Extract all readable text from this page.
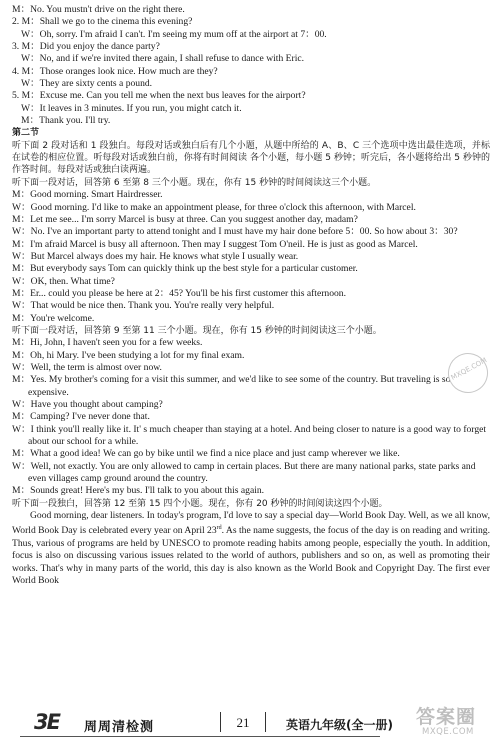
M：No. You mustn't drive on the right there.
2. M：Shall we go to the cinema this evening?
W：Oh, sorry. I'm afraid I can't. I'm seeing my mum off at the airport at 7：00.
3. M：Did you enjoy the dance party?
W：No, and if we're invited there again, I shall refuse to dance with Eric.
4. M：Those oranges look nice. How much are they?
W：They are sixty cents a pound.
5. M：Excuse me. Can you tell me when the next bus leaves for the airport?
W：It leaves in 3 minutes. If you run, you might catch it.
M：Thank you. I'll try.
第二节
听下面 2 段对话和 1 段独白。每段对话或独白后有几个小题，从题中所给的 A、B、C 三个选项中选出最佳选项，并标在试卷的相应位置。听每段对话或独白前，你将有时间阅读 各个小题，每小题 5 秒钟；听完后，各小题将给出 5 秒钟的作答时间。每段对话或独白读两遍。
听下面一段对话，回答第 6 至第 8 三个小题。现在，你有 15 秒钟的时间阅读这三个小题。
M：Good morning. Smart Hairdresser.
W：Good morning. I'd like to make an appointment please, for three o'clock this afternoon, with Marcel.
M：Let me see... I'm sorry Marcel is busy at three. Can you suggest another day, madam?
W：No. I've an important party to attend tonight and I must have my hair done before 5：00. So how about 3：30?
M：I'm afraid Marcel is busy all afternoon. Then may I suggest Tom O'neil. He is just as good as Marcel.
W：But Marcel always does my hair. He knows what style I usually wear.
M：But everybody says Tom can quickly think up the best style for a particular customer.
W：OK, then. What time?
M：Er... could you please be here at 2：45? You'll be his first customer this afternoon.
W：That would be nice then. Thank you. You're really very helpful.
M：You're welcome.
听下面一段对话，回答第 9 至第 11 三个小题。现在，你有 15 秒钟的时间阅读这三个小题。
M：Hi, John, I haven't seen you for a few weeks.
M：Oh, hi Mary. I've been studying a lot for my final exam.
W：Well, the term is almost over now.
M：Yes. My brother's coming for a visit this summer, and we'd like to see some of the country. But traveling is so expensive.
W：Have you thought about camping?
M：Camping? I've never done that.
W：I think you'll really like it. It' s much cheaper than staying at a hotel. And being closer to nature is a good way to forget about our school for a while.
M：What a good idea! We can go by bike until we find a nice place and just camp wherever we like.
W：Well, not exactly. You are only allowed to camp in certain places. But there are many national parks, state parks and even villages camp ground around the country.
M：Sounds great! Here's my bus. I'll talk to you about this again.
听下面一段独白，回答第 12 至第 15 四个小题。现在，你有 20 秒钟的时间阅读这四个小题。
Good morning, dear listeners. In today's program, I'd love to say a special day—World Book Day. Well, as we all know, World Book Day is celebrated every year on April 23rd. As the name suggests, the focus of the day is on reading and writing. Thus, various of programs are held by UNESCO to promote reading habits among people, especially the youth. In addition, focus is also on discussing various issues related to the world of authors, publishers and so on, as well as promoting their works. That's why in many parts of the world, this day is also known as the World Book and Copyright Day. The first ever World Book
MXQE.COM
3E	周周清检测	21	英语九年级(全一册) 答案圈
MXQE.COM
